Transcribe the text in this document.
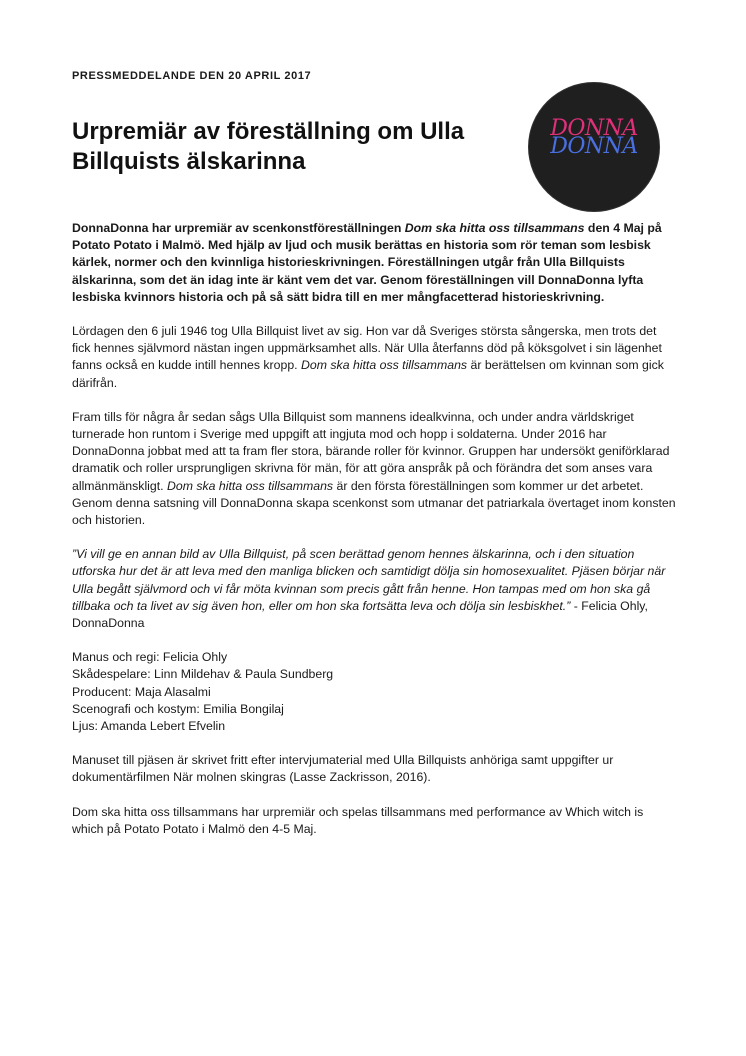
PRESSMEDDELANDE DEN 20 APRIL 2017
Urpremiär av föreställning om Ulla Billquists älskarinna
DONNA
DONNA

DonnaDonna har urpremiär av scenkonstföreställningen Dom ska hitta oss tillsammans den 4 Maj på Potato Potato i Malmö. Med hjälp av ljud och musik berättas en historia som rör teman som lesbisk kärlek, normer och den kvinnliga historieskrivningen. Föreställningen utgår från Ulla Billquists älskarinna, som det än idag inte är känt vem det var. Genom föreställningen vill DonnaDonna lyfta lesbiska kvinnors historia och på så sätt bidra till en mer mångfacetterad historieskrivning.

Lördagen den 6 juli 1946 tog Ulla Billquist livet av sig. Hon var då Sveriges största sångerska, men trots det fick hennes självmord nästan ingen uppmärksamhet alls. När Ulla återfanns död på köksgolvet i sin lägenhet fanns också en kudde intill hennes kropp. Dom ska hitta oss tillsammans är berättelsen om kvinnan som gick därifrån.

Fram tills för några år sedan sågs Ulla Billquist som mannens idealkvinna, och under andra världskriget turnerade hon runtom i Sverige med uppgift att ingjuta mod och hopp i soldaterna. Under 2016 har DonnaDonna jobbat med att ta fram fler stora, bärande roller för kvinnor. Gruppen har undersökt geniförklarad dramatik och roller ursprungligen skrivna för män, för att göra anspråk på och förändra det som anses vara allmänmänskligt. Dom ska hitta oss tillsammans är den första föreställningen som kommer ur det arbetet. Genom denna satsning vill DonnaDonna skapa scenkonst som utmanar det patriarkala övertaget inom konsten och historien.

”Vi vill ge en annan bild av Ulla Billquist, på scen berättad genom hennes älskarinna, och i den situation utforska hur det är att leva med den manliga blicken och samtidigt dölja sin homosexualitet. Pjäsen börjar när Ulla begått självmord och vi får möta kvinnan som precis gått från henne. Hon tampas med om hon ska gå tillbaka och ta livet av sig även hon, eller om hon ska fortsätta leva och dölja sin lesbiskhet.” - Felicia Ohly, DonnaDonna

Manus och regi: Felicia Ohly
Skådespelare: Linn Mildehav & Paula Sundberg
Producent: Maja Alasalmi
Scenografi och kostym: Emilia Bongilaj
Ljus: Amanda Lebert Efvelin

Manuset till pjäsen är skrivet fritt efter intervjumaterial med Ulla Billquists anhöriga samt uppgifter ur dokumentärfilmen När molnen skingras (Lasse Zackrisson, 2016).

Dom ska hitta oss tillsammans har urpremiär och spelas tillsammans med performance av Which witch is which på Potato Potato i Malmö den 4-5 Maj.
